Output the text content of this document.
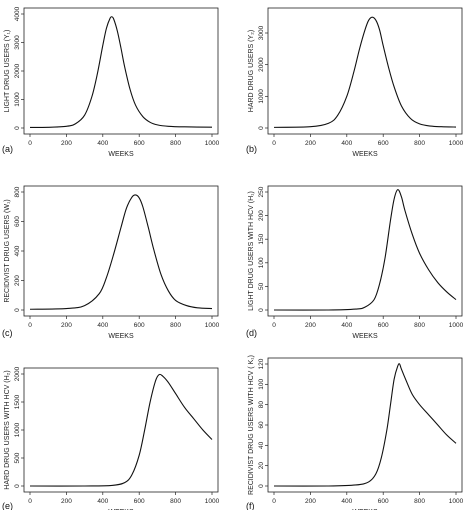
0	200	400	600	800	1000
0
1000
2000
3000
4000
WEEKS
LIGHT DRUG USERS (Y₁)
(a)
0	200	400	600	800	1000
0
1000
2000
3000
WEEKS
HARD DRUG USERS (Y₂)
(b)
0	200	400	600	800	1000
0
200
400
600
800
WEEKS
RECIDIVIST DRUG USERS (W₁)
(c)
0	200	400	600	800	1000
0
50
100
150
200
250
WEEKS
LIGHT DRUG USERS WITH HCV (H₁)
(d)
0	200	400	600	800	1000
0
500
1000
1500
2000
HARD DRUG USERS WITH HCV (H₂)
(e)	0	200	400	600	800	1000
0
20
40
60
80
100
120
RECIDIVIST DRUG USERS WITH HCV ( K₁)
(f)
